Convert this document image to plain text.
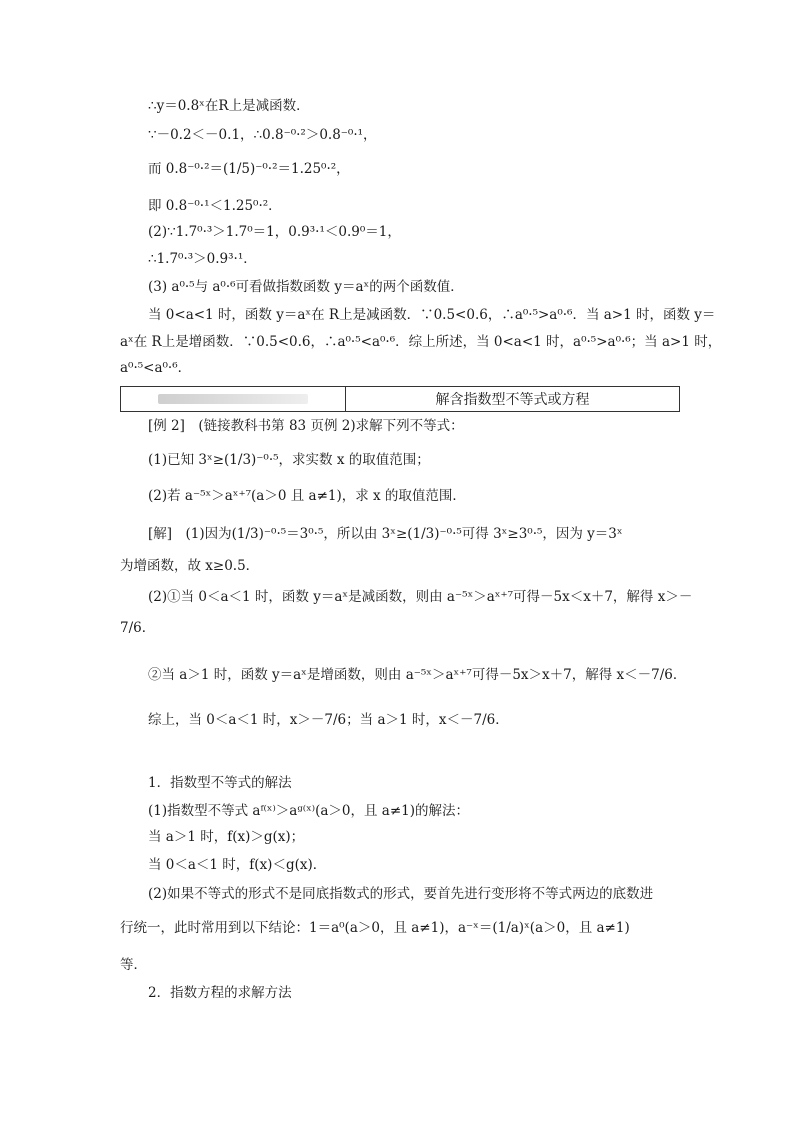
∴y＝0.8ˣ在R上是减函数．
∵－0.2＜－0.1，∴0.8⁻⁰·²＞0.8⁻⁰·¹，
而 0.8⁻⁰·²＝(1/5)⁻⁰·²＝1.25⁰·²，
即 0.8⁻⁰·¹＜1.25⁰·²．
(2)∵1.7⁰·³＞1.7⁰＝1，0.9³·¹＜0.9⁰＝1，
∴1.7⁰·³＞0.9³·¹．
(3) a⁰·⁵与 a⁰·⁶可看做指数函数 y＝aˣ的两个函数值．
当 0<a<1 时，函数 y＝aˣ在 R上是减函数．∵0.5<0.6，∴a⁰·⁵>a⁰·⁶．当 a>1 时，函数 y＝
aˣ在 R上是增函数．∵0.5<0.6，∴a⁰·⁵<a⁰·⁶．综上所述，当 0<a<1 时，a⁰·⁵>a⁰·⁶；当 a>1 时，
a⁰·⁵<a⁰·⁶．
解含指数型不等式或方程
[例 2]　(链接教科书第 83 页例 2)求解下列不等式：
(1)已知 3ˣ≥(1/3)⁻⁰·⁵，求实数 x 的取值范围；
(2)若 a⁻⁵ˣ＞aˣ⁺⁷(a＞0 且 a≠1)，求 x 的取值范围．
[解]　(1)因为(1/3)⁻⁰·⁵＝3⁰·⁵，所以由 3ˣ≥(1/3)⁻⁰·⁵可得 3ˣ≥3⁰·⁵，因为 y＝3ˣ
为增函数，故 x≥0.5．
(2)①当 0＜a＜1 时，函数 y＝aˣ是减函数，则由 a⁻⁵ˣ＞aˣ⁺⁷可得－5x＜x＋7，解得 x＞－
7/6．
②当 a＞1 时，函数 y＝aˣ是增函数，则由 a⁻⁵ˣ＞aˣ⁺⁷可得－5x＞x＋7，解得 x＜－7/6．
综上，当 0＜a＜1 时，x＞－7/6；当 a＞1 时，x＜－7/6．
1．指数型不等式的解法
(1)指数型不等式 aᶠ⁽ˣ⁾＞aᵍ⁽ˣ⁾(a＞0，且 a≠1)的解法：
当 a＞1 时，f(x)＞g(x)；
当 0＜a＜1 时，f(x)＜g(x)．
(2)如果不等式的形式不是同底指数式的形式，要首先进行变形将不等式两边的底数进
行统一，此时常用到以下结论：1＝a⁰(a＞0，且 a≠1)，a⁻ˣ＝(1/a)ˣ(a＞0，且 a≠1)
等．
2．指数方程的求解方法
